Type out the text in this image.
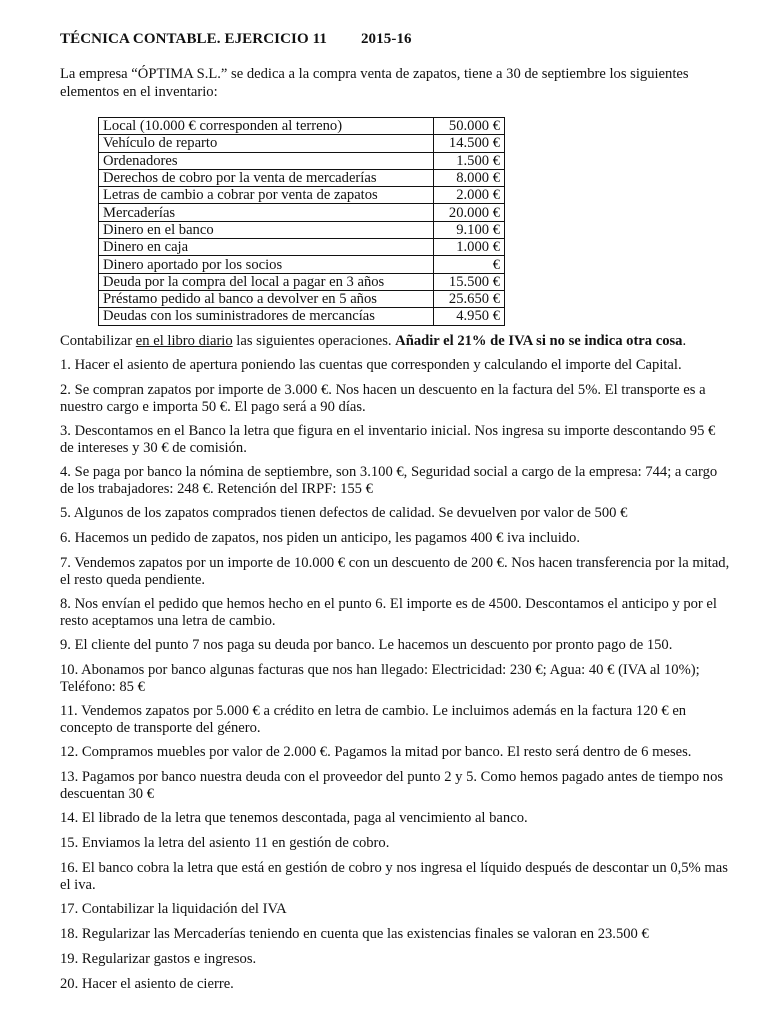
TÉCNICA CONTABLE. EJERCICIO 11 2015-16
La empresa “ÓPTIMA S.L.” se dedica a la compra venta de zapatos, tiene a 30 de septiembre los siguientes elementos en el inventario:
Local (10.000 € corresponden al terreno)	50.000 €
Vehículo de reparto	14.500 €
Ordenadores	1.500 €
Derechos de cobro por la venta de mercaderías	8.000 €
Letras de cambio a cobrar por venta de zapatos	2.000 €
Mercaderías	20.000 €
Dinero en el banco	9.100 €
Dinero en caja	1.000 €
Dinero aportado por los socios	€
Deuda por la compra del local a pagar en 3 años	15.500 €
Préstamo pedido al banco a devolver en 5 años	25.650 €
Deudas con los suministradores de mercancías	4.950 €
Contabilizar en el libro diario las siguientes operaciones. Añadir el 21% de IVA si no se indica otra cosa.
1. Hacer el asiento de apertura poniendo las cuentas que corresponden y calculando el importe del Capital.
2. Se compran zapatos por importe de 3.000 €. Nos hacen un descuento en la factura del 5%. El transporte es a nuestro cargo e importa 50 €. El pago será a 90 días.
3. Descontamos en el Banco la letra que figura en el inventario inicial. Nos ingresa su importe descontando 95 € de intereses y 30 € de comisión.
4. Se paga por banco la nómina de septiembre, son 3.100 €, Seguridad social a cargo de la empresa: 744; a cargo de los trabajadores: 248 €. Retención del IRPF: 155 €
5. Algunos de los zapatos comprados tienen defectos de calidad. Se devuelven por valor de 500 €
6. Hacemos un pedido de zapatos, nos piden un anticipo, les pagamos 400 € iva incluido.
7. Vendemos zapatos por un importe de 10.000 € con un descuento de 200 €. Nos hacen transferencia por la mitad, el resto queda pendiente.
8. Nos envían el pedido que hemos hecho en el punto 6. El importe es de 4500. Descontamos el anticipo y por el resto aceptamos una letra de cambio.
9. El cliente del punto 7 nos paga su deuda por banco. Le hacemos un descuento por pronto pago de 150.
10. Abonamos por banco algunas facturas que nos han llegado: Electricidad: 230 €; Agua: 40 € (IVA al 10%); Teléfono: 85 €
11. Vendemos zapatos por 5.000 € a crédito en letra de cambio. Le incluimos además en la factura 120 € en concepto de transporte del género.
12. Compramos muebles por valor de 2.000 €. Pagamos la mitad por banco. El resto será dentro de 6 meses.
13. Pagamos por banco nuestra deuda con el proveedor del punto 2 y 5. Como hemos pagado antes de tiempo nos descuentan 30 €
14. El librado de la letra que tenemos descontada, paga al vencimiento al banco.
15. Enviamos la letra del asiento 11 en gestión de cobro.
16. El banco cobra la letra que está en gestión de cobro y nos ingresa el líquido después de descontar un 0,5% mas el iva.
17. Contabilizar la liquidación del IVA
18. Regularizar las Mercaderías teniendo en cuenta que las existencias finales se valoran en 23.500 €
19. Regularizar gastos e ingresos.
20. Hacer el asiento de cierre.
